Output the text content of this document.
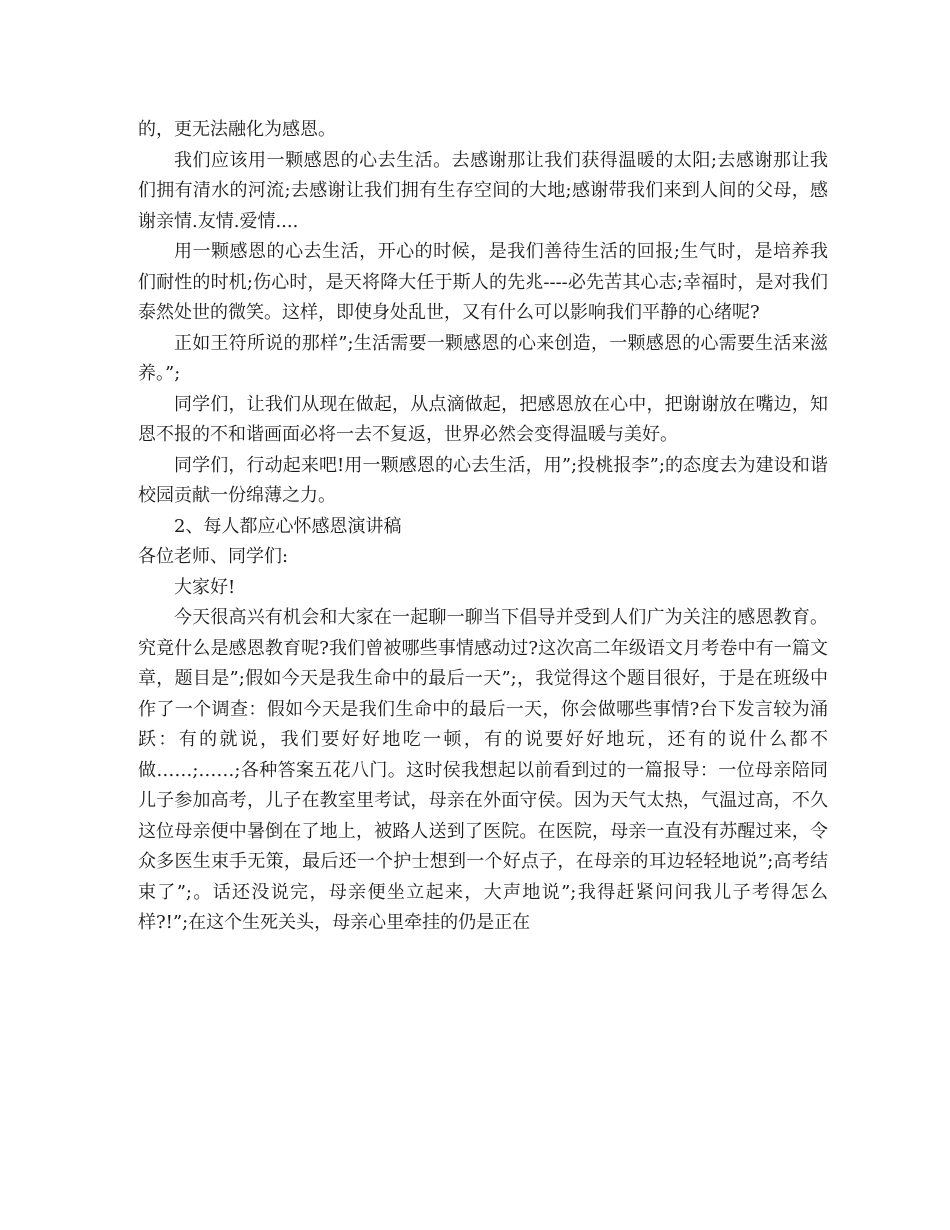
的，更无法融化为感恩。

我们应该用一颗感恩的心去生活。去感谢那让我们获得温暖的太阳;去感谢那让我们拥有清水的河流;去感谢让我们拥有生存空间的大地;感谢带我们来到人间的父母，感谢亲情.友情.爱情....

用一颗感恩的心去生活，开心的时候，是我们善待生活的回报;生气时，是培养我们耐性的时机;伤心时，是天将降大任于斯人的先兆----必先苦其心志;幸福时，是对我们泰然处世的微笑。这样，即使身处乱世，又有什么可以影响我们平静的心绪呢?

正如王符所说的那样”;生活需要一颗感恩的心来创造，一颗感恩的心需要生活来滋养。”;

同学们，让我们从现在做起，从点滴做起，把感恩放在心中，把谢谢放在嘴边，知恩不报的不和谐画面必将一去不复返，世界必然会变得温暖与美好。

同学们，行动起来吧!用一颗感恩的心去生活，用”;投桃报李”;的态度去为建设和谐校园贡献一份绵薄之力。

2、每人都应心怀感恩演讲稿

各位老师、同学们:

大家好!

今天很高兴有机会和大家在一起聊一聊当下倡导并受到人们广为关注的感恩教育。究竟什么是感恩教育呢?我们曾被哪些事情感动过?这次高二年级语文月考卷中有一篇文章，题目是”;假如今天是我生命中的最后一天”;，我觉得这个题目很好，于是在班级中作了一个调查：假如今天是我们生命中的最后一天，你会做哪些事情?台下发言较为涌跃：有的就说，我们要好好地吃一顿，有的说要好好地玩，还有的说什么都不做……;……;各种答案五花八门。这时侯我想起以前看到过的一篇报导：一位母亲陪同儿子参加高考，儿子在教室里考试，母亲在外面守侯。因为天气太热，气温过高，不久这位母亲便中暑倒在了地上，被路人送到了医院。在医院，母亲一直没有苏醒过来，令众多医生束手无策，最后还一个护士想到一个好点子，在母亲的耳边轻轻地说”;高考结束了”;。话还没说完，母亲便坐立起来，大声地说”;我得赶紧问问我儿子考得怎么样?!”;在这个生死关头，母亲心里牵挂的仍是正在
